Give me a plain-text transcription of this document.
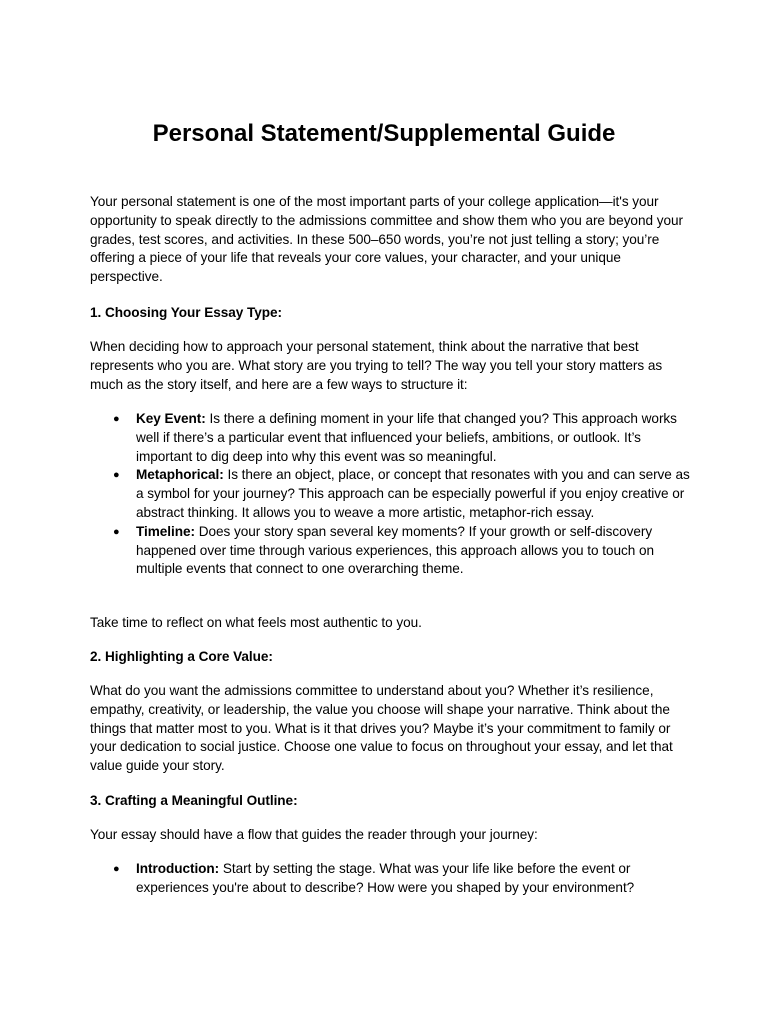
Personal Statement/Supplemental Guide

Your personal statement is one of the most important parts of your college application—it's your opportunity to speak directly to the admissions committee and show them who you are beyond your grades, test scores, and activities. In these 500–650 words, you’re not just telling a story; you’re offering a piece of your life that reveals your core values, your character, and your unique perspective.

1. Choosing Your Essay Type:

When deciding how to approach your personal statement, think about the narrative that best represents who you are. What story are you trying to tell? The way you tell your story matters as much as the story itself, and here are a few ways to structure it:

● Key Event: Is there a defining moment in your life that changed you? This approach works well if there’s a particular event that influenced your beliefs, ambitions, or outlook. It’s important to dig deep into why this event was so meaningful.
● Metaphorical: Is there an object, place, or concept that resonates with you and can serve as a symbol for your journey? This approach can be especially powerful if you enjoy creative or abstract thinking. It allows you to weave a more artistic, metaphor-rich essay.
● Timeline: Does your story span several key moments? If your growth or self-discovery happened over time through various experiences, this approach allows you to touch on multiple events that connect to one overarching theme.

Take time to reflect on what feels most authentic to you.

2. Highlighting a Core Value:

What do you want the admissions committee to understand about you? Whether it’s resilience, empathy, creativity, or leadership, the value you choose will shape your narrative. Think about the things that matter most to you. What is it that drives you? Maybe it’s your commitment to family or your dedication to social justice. Choose one value to focus on throughout your essay, and let that value guide your story.

3. Crafting a Meaningful Outline:

Your essay should have a flow that guides the reader through your journey:

● Introduction: Start by setting the stage. What was your life like before the event or experiences you're about to describe? How were you shaped by your environment?
